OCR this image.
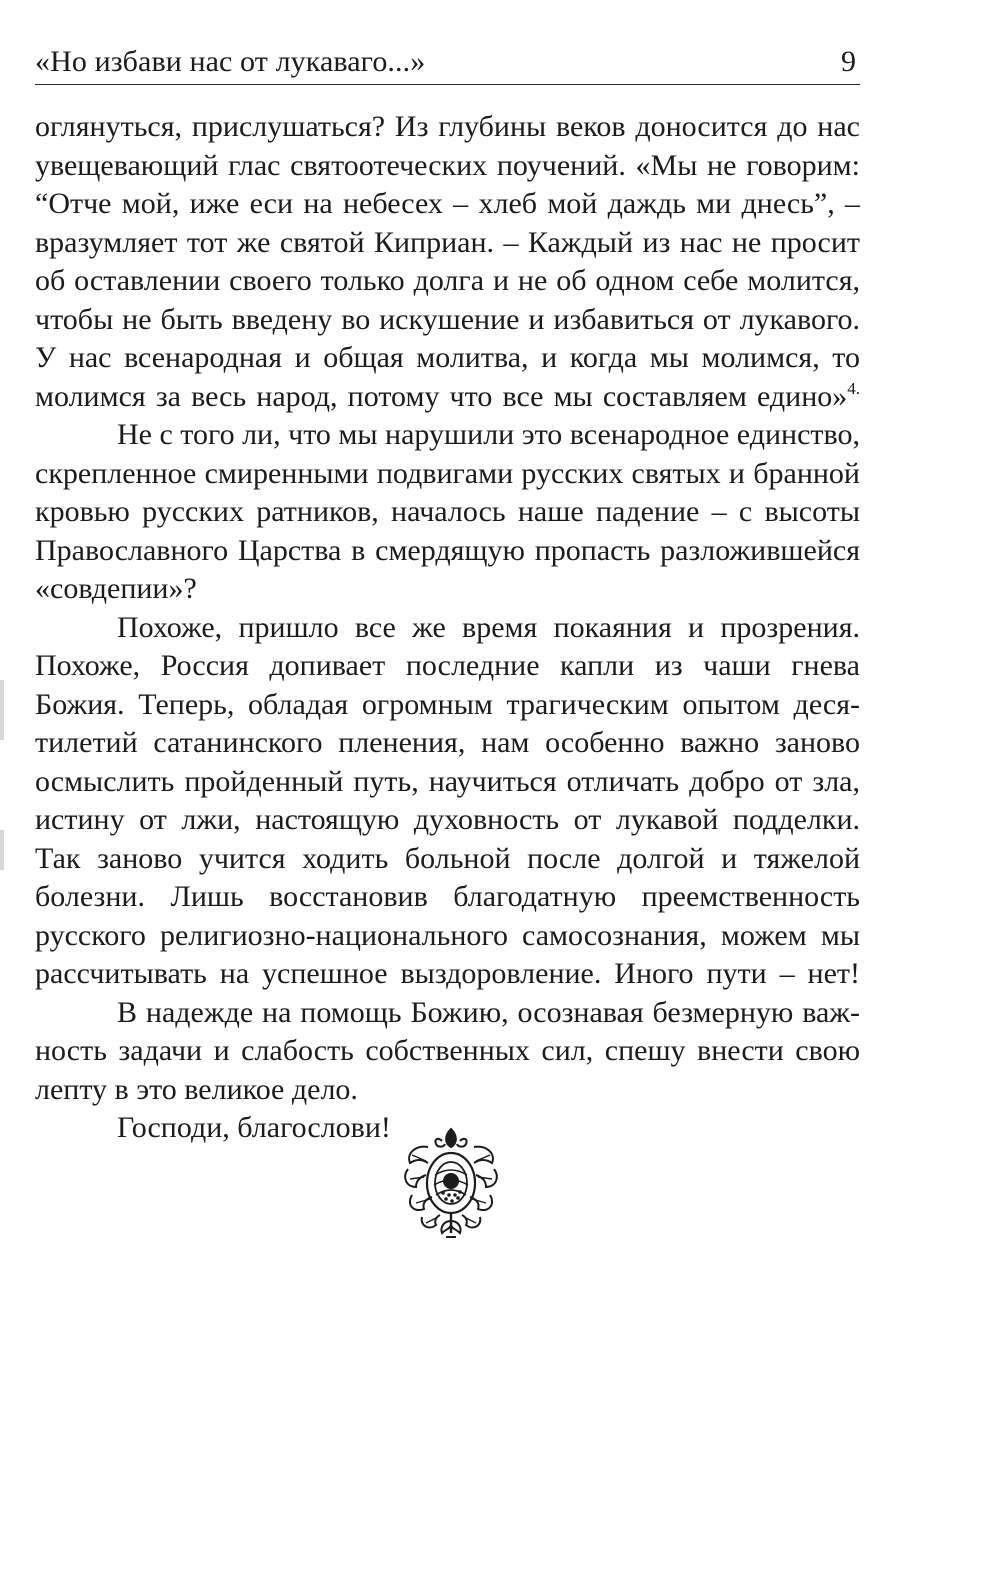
«Но избави нас от лукаваго...»	9
оглянуться, прислушаться? Из глубины веков доносится до нас
увещевающий глас святоотеческих поучений. «Мы не говорим:
“Отче мой, иже еси на небесех – хлеб мой даждь ми днесь”, –
вразумляет тот же святой Киприан. – Каждый из нас не просит
об оставлении своего только долга и не об одном себе молится,
чтобы не быть введену во искушение и избавиться от лукавого.
У нас всенародная и общая молитва, и когда мы молимся, то
молимся за весь народ, потому что все мы составляем едино»$^{4.}$
Не с того ли, что мы нарушили это всенародное единство,
скрепленное смиренными подвигами русских святых и бранной
кровью русских ратников, началось наше падение – с высоты
Православного Царства в смердящую пропасть разложившейся
«совдепии»?
Похоже, пришло все же время покаяния и прозрения.
Похоже, Россия допивает последние капли из чаши гнева
Божия. Теперь, обладая огромным трагическим опытом деся-
тилетий сатанинского пленения, нам особенно важно заново
осмыслить пройденный путь, научиться отличать добро от зла,
истину от лжи, настоящую духовность от лукавой подделки.
Так заново учится ходить больной после долгой и тяжелой
болезни. Лишь восстановив благодатную преемственность
русского религиозно-национального самосознания, можем мы
рассчитывать на успешное выздоровление. Иного пути – нет!
В надежде на помощь Божию, осознавая безмерную важ-
ность задачи и слабость собственных сил, спешу внести свою
лепту в это великое дело.
Господи, благослови!
